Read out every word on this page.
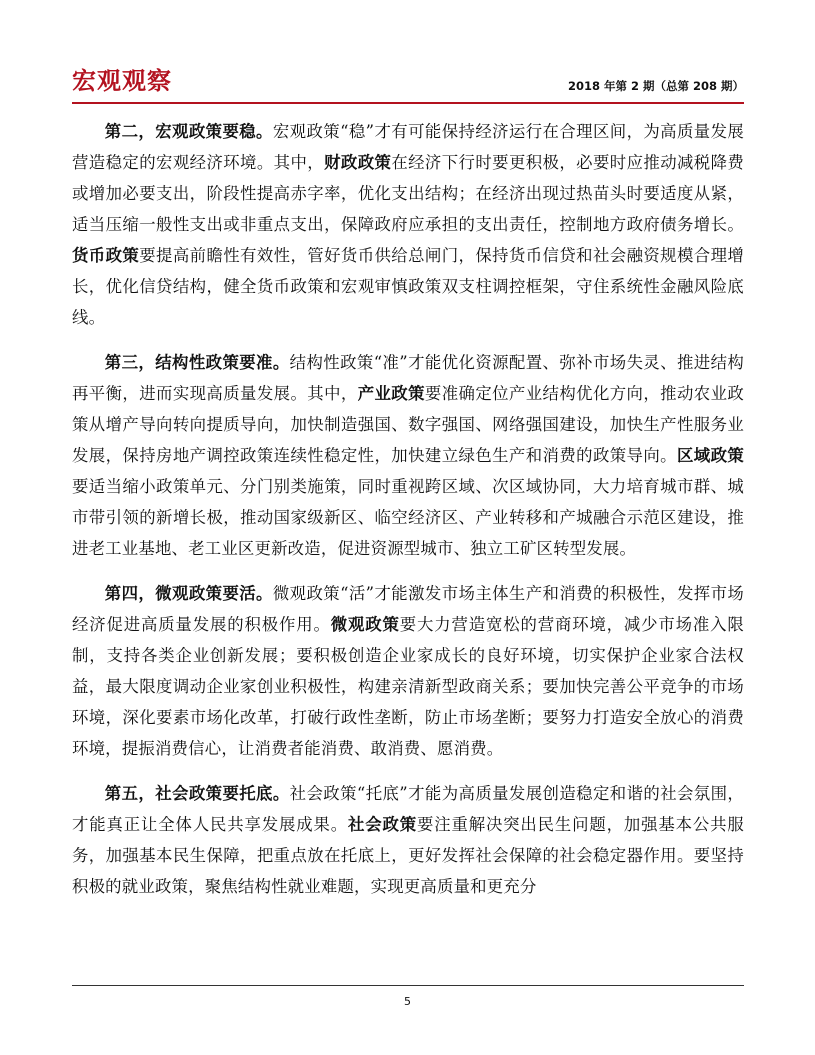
宏观观察	2018 年第 2 期（总第 208 期）

第二，宏观政策要稳。宏观政策“稳”才有可能保持经济运行在合理区间，为高质量发展营造稳定的宏观经济环境。其中，财政政策在经济下行时要更积极，必要时应推动减税降费或增加必要支出，阶段性提高赤字率，优化支出结构；在经济出现过热苗头时要适度从紧，适当压缩一般性支出或非重点支出，保障政府应承担的支出责任，控制地方政府债务增长。货币政策要提高前瞻性有效性，管好货币供给总闸门，保持货币信贷和社会融资规模合理增长，优化信贷结构，健全货币政策和宏观审慎政策双支柱调控框架，守住系统性金融风险底线。

第三，结构性政策要准。结构性政策“准”才能优化资源配置、弥补市场失灵、推进结构再平衡，进而实现高质量发展。其中，产业政策要准确定位产业结构优化方向，推动农业政策从增产导向转向提质导向，加快制造强国、数字强国、网络强国建设，加快生产性服务业发展，保持房地产调控政策连续性稳定性，加快建立绿色生产和消费的政策导向。区域政策要适当缩小政策单元、分门别类施策，同时重视跨区域、次区域协同，大力培育城市群、城市带引领的新增长极，推动国家级新区、临空经济区、产业转移和产城融合示范区建设，推进老工业基地、老工业区更新改造，促进资源型城市、独立工矿区转型发展。

第四，微观政策要活。微观政策“活”才能激发市场主体生产和消费的积极性，发挥市场经济促进高质量发展的积极作用。微观政策要大力营造宽松的营商环境，减少市场准入限制，支持各类企业创新发展；要积极创造企业家成长的良好环境，切实保护企业家合法权益，最大限度调动企业家创业积极性，构建亲清新型政商关系；要加快完善公平竞争的市场环境，深化要素市场化改革，打破行政性垄断，防止市场垄断；要努力打造安全放心的消费环境，提振消费信心，让消费者能消费、敢消费、愿消费。

第五，社会政策要托底。社会政策“托底”才能为高质量发展创造稳定和谐的社会氛围，才能真正让全体人民共享发展成果。社会政策要注重解决突出民生问题，加强基本公共服务，加强基本民生保障，把重点放在托底上，更好发挥社会保障的社会稳定器作用。要坚持积极的就业政策，聚焦结构性就业难题，实现更高质量和更充分

5
